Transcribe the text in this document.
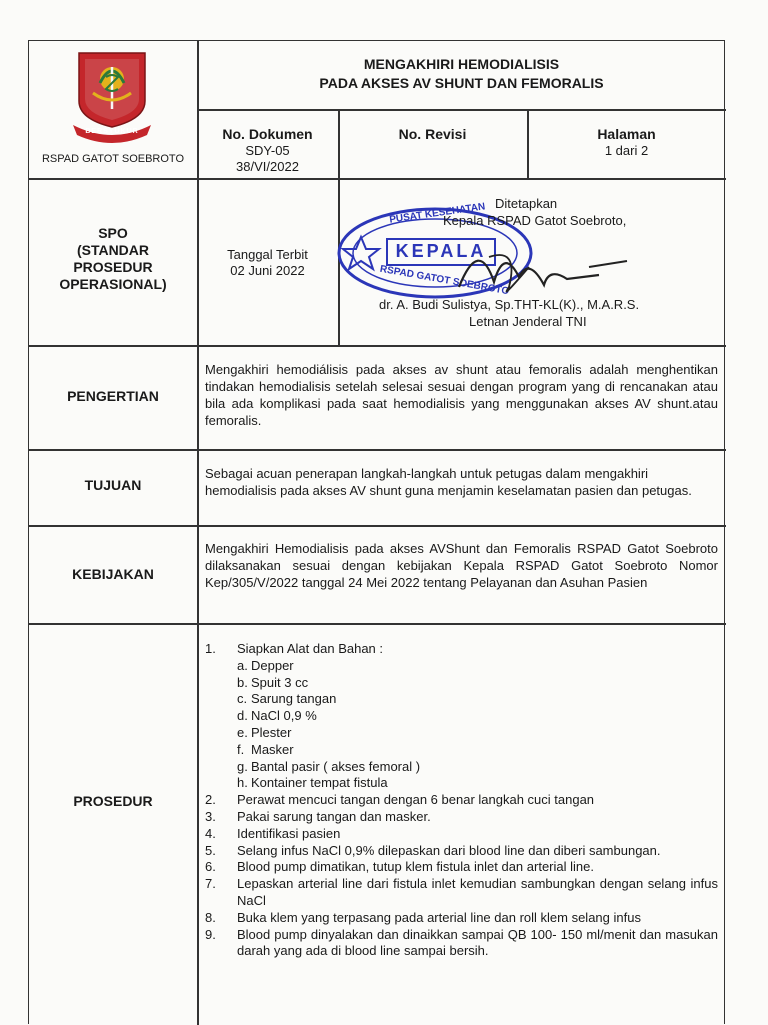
BERSYUKUR
RSPAD GATOT SOEBROTO
MENGAKHIRI HEMODIALISIS
PADA AKSES AV SHUNT DAN FEMORALIS
No. Dokumen
SDY-05
38/VI/2022
No. Revisi	Halaman
1 dari 2
SPO
(STANDAR
PROSEDUR
OPERASIONAL)
Tanggal Terbit
02 Juni 2022
PUSAT KESEHATAN
KEPALA
RSPAD GATOT SOEBROTO
Ditetapkan
Kepala RSPAD Gatot Soebroto,
dr. A. Budi Sulistya, Sp.THT-KL(K)., M.A.R.S.
Letnan Jenderal TNI
PENGERTIAN
Mengakhiri hemodiálisis pada akses av shunt atau femoralis adalah menghentikan tindakan hemodialisis setelah selesai sesuai dengan program yang di rencanakan atau bila ada komplikasi pada saat hemodialisis yang menggunakan akses AV shunt.atau femoralis.
TUJUAN
Sebagai acuan penerapan langkah-langkah untuk petugas dalam mengakhiri hemodialisis pada akses AV shunt guna menjamin keselamatan pasien dan petugas.
KEBIJAKAN
Mengakhiri Hemodialisis pada akses AVShunt dan Femoralis RSPAD Gatot Soebroto dilaksanakan sesuai dengan kebijakan Kepala RSPAD Gatot Soebroto Nomor Kep/305/V/2022 tanggal 24 Mei 2022 tentang Pelayanan dan Asuhan Pasien
PROSEDUR
1. Siapkan Alat dan Bahan :
a. Depper
b. Spuit 3 cc
c. Sarung tangan
d. NaCl 0,9 %
e. Plester
f. Masker
g. Bantal pasir ( akses femoral )
h. Kontainer tempat fistula
2. Perawat mencuci tangan dengan 6 benar langkah cuci tangan
3. Pakai sarung tangan dan masker.
4. Identifikasi pasien
5. Selang infus NaCl 0,9% dilepaskan dari blood line dan diberi sambungan.
6. Blood pump dimatikan, tutup klem fistula inlet dan arterial line.
7. Lepaskan arterial line dari fistula inlet kemudian sambungkan dengan selang infus NaCl
8. Buka klem yang terpasang pada arterial line dan roll klem selang infus
9. Blood pump dinyalakan dan dinaikkan sampai QB 100- 150 ml/menit dan masukan darah yang ada di blood line sampai bersih.
